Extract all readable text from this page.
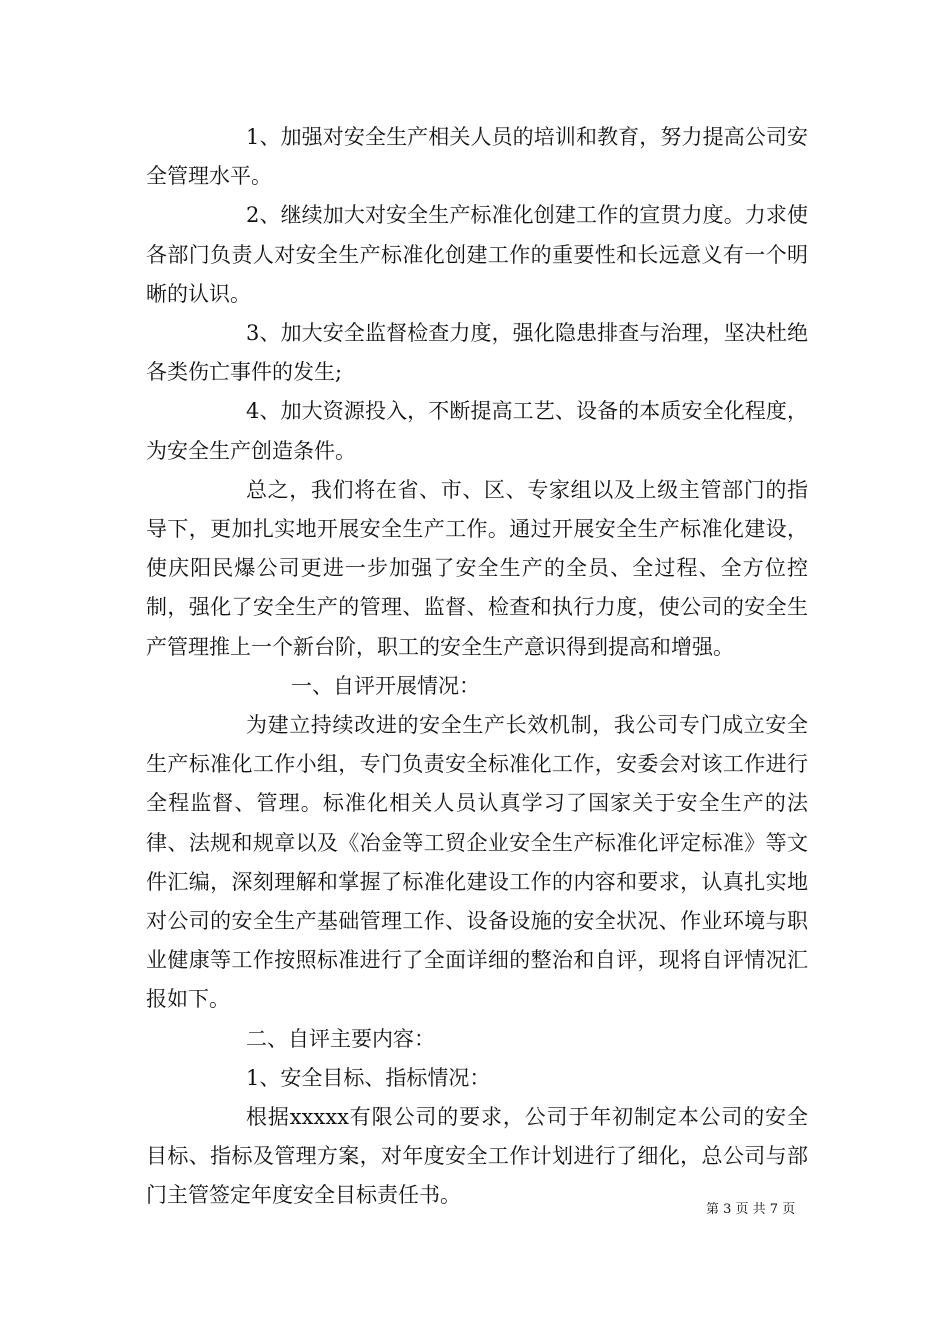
1、加强对安全生产相关人员的培训和教育，努力提高公司安全管理水平。

2、继续加大对安全生产标准化创建工作的宣贯力度。力求使各部门负责人对安全生产标准化创建工作的重要性和长远意义有一个明晰的认识。

3、加大安全监督检查力度，强化隐患排查与治理，坚决杜绝各类伤亡事件的发生;

4、加大资源投入，不断提高工艺、设备的本质安全化程度，为安全生产创造条件。

总之，我们将在省、市、区、专家组以及上级主管部门的指导下，更加扎实地开展安全生产工作。通过开展安全生产标准化建设，使庆阳民爆公司更进一步加强了安全生产的全员、全过程、全方位控制，强化了安全生产的管理、监督、检查和执行力度，使公司的安全生产管理推上一个新台阶，职工的安全生产意识得到提高和增强。

一、自评开展情况：

为建立持续改进的安全生产长效机制，我公司专门成立安全生产标准化工作小组，专门负责安全标准化工作，安委会对该工作进行全程监督、管理。标准化相关人员认真学习了国家关于安全生产的法律、法规和规章以及《冶金等工贸企业安全生产标准化评定标准》等文件汇编，深刻理解和掌握了标准化建设工作的内容和要求，认真扎实地对公司的安全生产基础管理工作、设备设施的安全状况、作业环境与职业健康等工作按照标准进行了全面详细的整治和自评，现将自评情况汇报如下。

二、自评主要内容：

1、安全目标、指标情况：

根据xxxxx有限公司的要求，公司于年初制定本公司的安全目标、指标及管理方案，对年度安全工作计划进行了细化，总公司与部门主管签定年度安全目标责任书。

第 3 页 共 7 页
